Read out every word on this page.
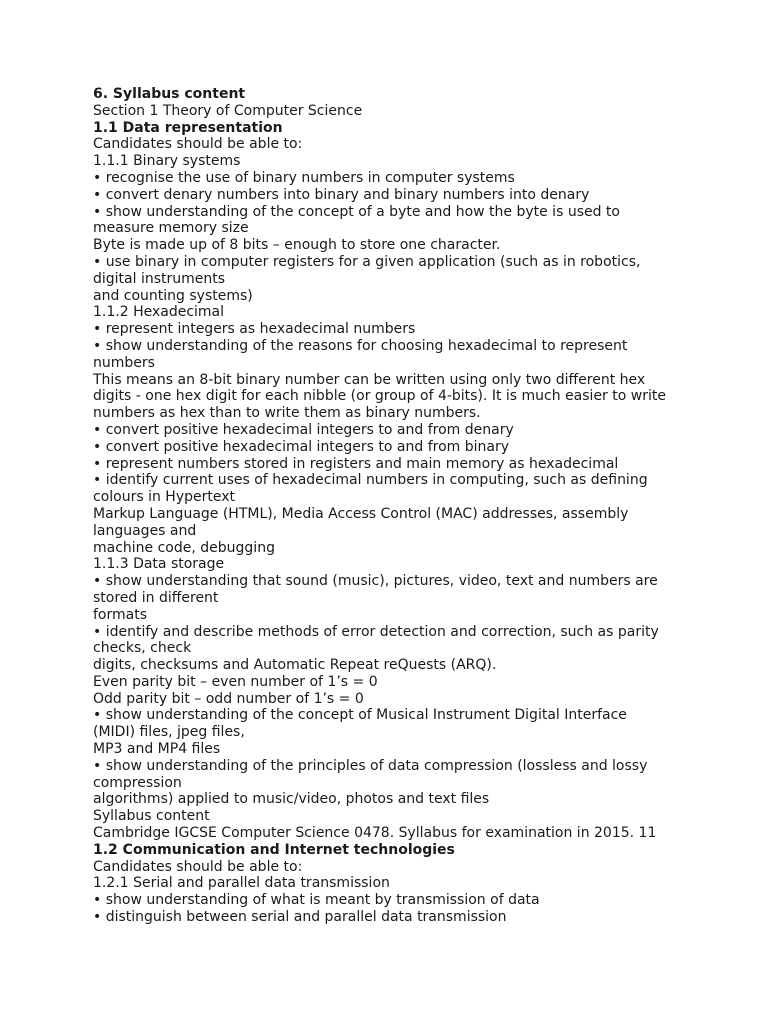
6. Syllabus content
Section 1 Theory of Computer Science
1.1 Data representation
Candidates should be able to:
1.1.1 Binary systems
• recognise the use of binary numbers in computer systems
• convert denary numbers into binary and binary numbers into denary
• show understanding of the concept of a byte and how the byte is used to
measure memory size
Byte is made up of 8 bits – enough to store one character.
• use binary in computer registers for a given application (such as in robotics,
digital instruments
and counting systems)
1.1.2 Hexadecimal
• represent integers as hexadecimal numbers
• show understanding of the reasons for choosing hexadecimal to represent
numbers
This means an 8-bit binary number can be written using only two different hex
digits - one hex digit for each nibble (or group of 4-bits). It is much easier to write
numbers as hex than to write them as binary numbers.
• convert positive hexadecimal integers to and from denary
• convert positive hexadecimal integers to and from binary
• represent numbers stored in registers and main memory as hexadecimal
• identify current uses of hexadecimal numbers in computing, such as defining
colours in Hypertext
Markup Language (HTML), Media Access Control (MAC) addresses, assembly
languages and
machine code, debugging
1.1.3 Data storage
• show understanding that sound (music), pictures, video, text and numbers are
stored in different
formats
• identify and describe methods of error detection and correction, such as parity
checks, check
digits, checksums and Automatic Repeat reQuests (ARQ).
Even parity bit – even number of 1’s = 0
Odd parity bit – odd number of 1’s = 0
• show understanding of the concept of Musical Instrument Digital Interface
(MIDI) files, jpeg files,
MP3 and MP4 files
• show understanding of the principles of data compression (lossless and lossy
compression
algorithms) applied to music/video, photos and text files
Syllabus content
Cambridge IGCSE Computer Science 0478. Syllabus for examination in 2015. 11
1.2 Communication and Internet technologies
Candidates should be able to:
1.2.1 Serial and parallel data transmission
• show understanding of what is meant by transmission of data
• distinguish between serial and parallel data transmission
